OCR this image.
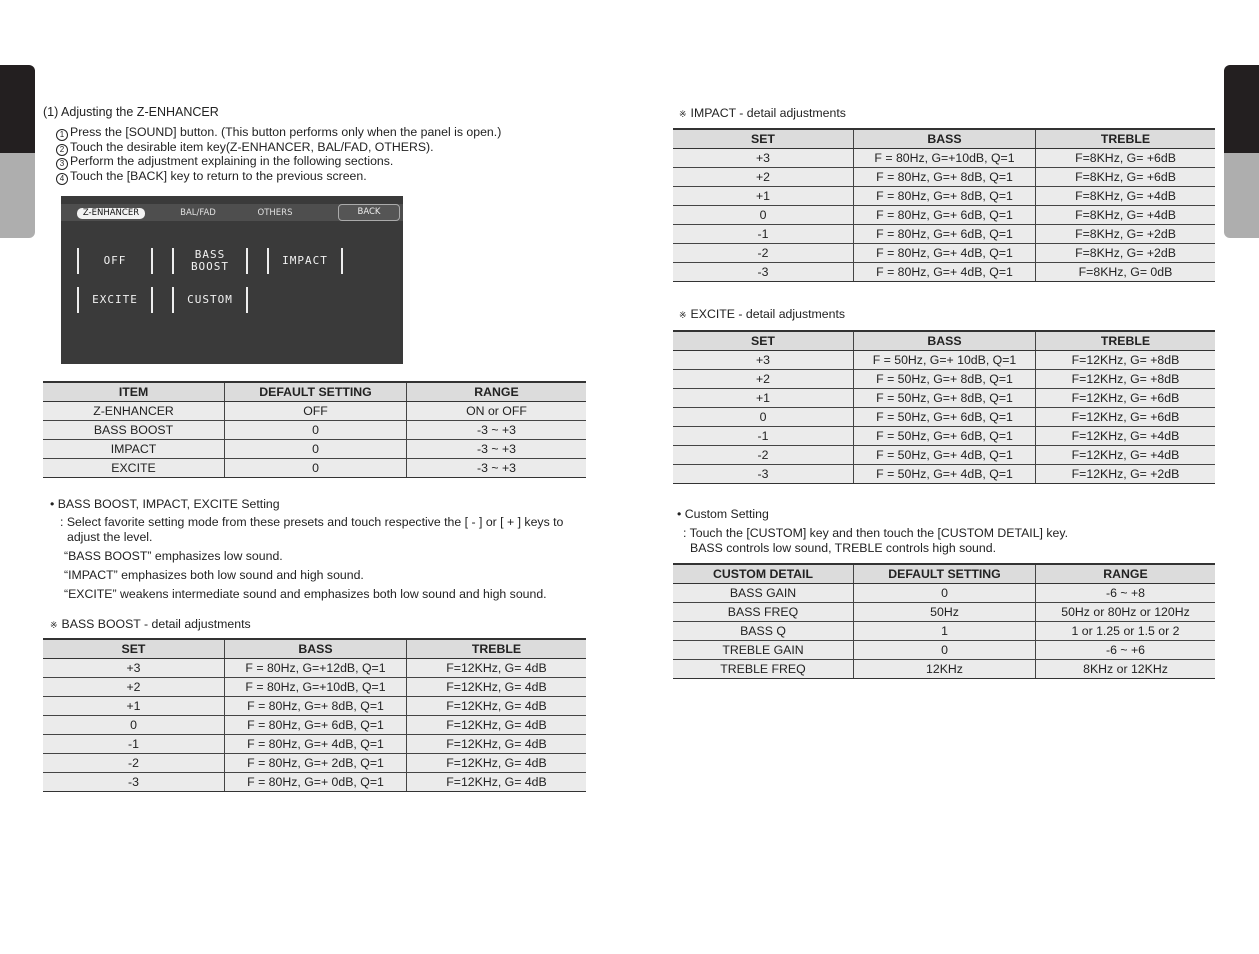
(1) Adjusting the Z-ENHANCER
1 Press the [SOUND] button. (This button performs only when the panel is open.)
2 Touch the desirable item key(Z-ENHANCER, BAL/FAD, OTHERS).
3 Perform the adjustment explaining in the following sections.
4 Touch the [BACK] key to return to the previous screen.
Z-ENHANCER	BAL/FAD	OTHERS	BACK
OFF	BASS
BOOST	IMPACT
EXCITE	CUSTOM
ITEM	DEFAULT SETTING	RANGE
Z-ENHANCER	OFF	ON or OFF
BASS BOOST	0	-3 ~ +3
IMPACT	0	-3 ~ +3
EXCITE	0	-3 ~ +3
• BASS BOOST, IMPACT, EXCITE Setting
: Select favorite setting mode from these presets and touch respective the [ - ] or [ + ] keys to
adjust the level.
“BASS BOOST” emphasizes low sound.
“IMPACT” emphasizes both low sound and high sound.
“EXCITE” weakens intermediate sound and emphasizes both low sound and high sound.
※ BASS BOOST - detail adjustments
SET	BASS	TREBLE
+3	F = 80Hz, G=+12dB, Q=1	F=12KHz, G= 4dB
+2	F = 80Hz, G=+10dB, Q=1	F=12KHz, G= 4dB
+1	F = 80Hz, G=+ 8dB, Q=1	F=12KHz, G= 4dB
0	F = 80Hz, G=+ 6dB, Q=1	F=12KHz, G= 4dB
-1	F = 80Hz, G=+ 4dB, Q=1	F=12KHz, G= 4dB
-2	F = 80Hz, G=+ 2dB, Q=1	F=12KHz, G= 4dB
-3	F = 80Hz, G=+ 0dB, Q=1	F=12KHz, G= 4dB
※ IMPACT - detail adjustments
SET	BASS	TREBLE
+3	F = 80Hz, G=+10dB, Q=1	F=8KHz, G= +6dB
+2	F = 80Hz, G=+ 8dB, Q=1	F=8KHz, G= +6dB
+1	F = 80Hz, G=+ 8dB, Q=1	F=8KHz, G= +4dB
0	F = 80Hz, G=+ 6dB, Q=1	F=8KHz, G= +4dB
-1	F = 80Hz, G=+ 6dB, Q=1	F=8KHz, G= +2dB
-2	F = 80Hz, G=+ 4dB, Q=1	F=8KHz, G= +2dB
-3	F = 80Hz, G=+ 4dB, Q=1	F=8KHz, G= 0dB
※ EXCITE - detail adjustments
SET	BASS	TREBLE
+3	F = 50Hz, G=+ 10dB, Q=1	F=12KHz, G= +8dB
+2	F = 50Hz, G=+ 8dB, Q=1	F=12KHz, G= +8dB
+1	F = 50Hz, G=+ 8dB, Q=1	F=12KHz, G= +6dB
0	F = 50Hz, G=+ 6dB, Q=1	F=12KHz, G= +6dB
-1	F = 50Hz, G=+ 6dB, Q=1	F=12KHz, G= +4dB
-2	F = 50Hz, G=+ 4dB, Q=1	F=12KHz, G= +4dB
-3	F = 50Hz, G=+ 4dB, Q=1	F=12KHz, G= +2dB
• Custom Setting
: Touch the [CUSTOM] key and then touch the [CUSTOM DETAIL] key.
BASS controls low sound, TREBLE controls high sound.
CUSTOM DETAIL	DEFAULT SETTING	RANGE
BASS GAIN	0	-6 ~ +8
BASS FREQ	50Hz	50Hz or 80Hz or 120Hz
BASS Q	1	1 or 1.25 or 1.5 or 2
TREBLE GAIN	0	-6 ~ +6
TREBLE FREQ	12KHz	8KHz or 12KHz
